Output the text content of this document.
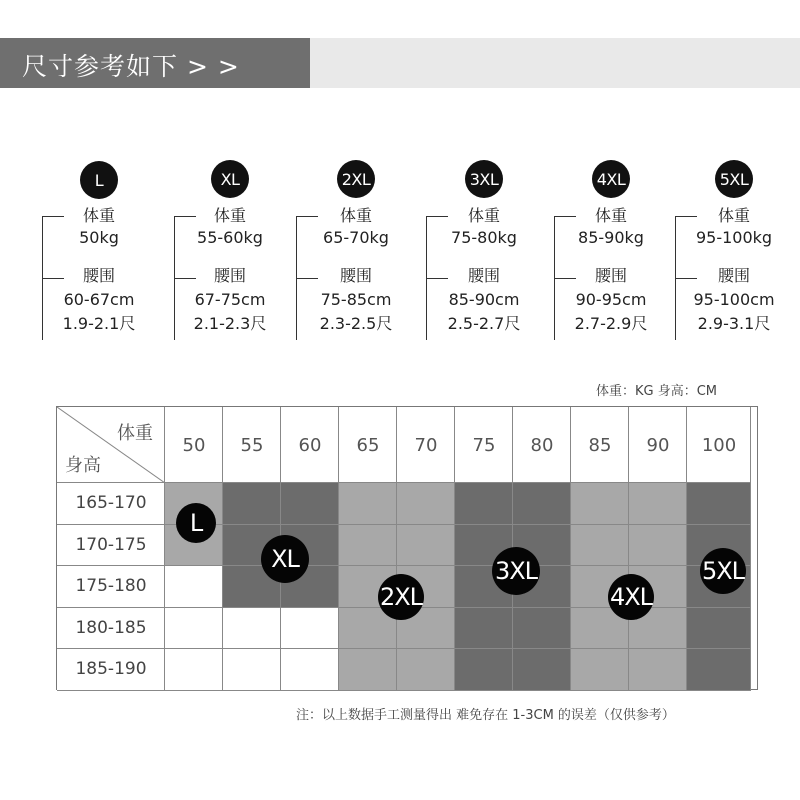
尺寸参考如下 > >
L
体重
50kg
腰围
60-67cm
1.9-2.1尺
XL
体重
55-60kg
腰围
67-75cm
2.1-2.3尺
2XL
体重
65-70kg
腰围
75-85cm
2.3-2.5尺
3XL
体重
75-80kg
腰围
85-90cm
2.5-2.7尺
4XL
体重
85-90kg
腰围
90-95cm
2.7-2.9尺
5XL
体重
95-100kg
腰围
95-100cm
2.9-3.1尺
体重：KG 身高：CM
体重
身高
50	55	60	65	70	75	80	85	90	100
165-170
170-175
175-180
180-185
185-190
L
XL
2XL
3XL
4XL
5XL
注：以上数据手工测量得出 难免存在 1-3CM 的误差（仅供参考）
